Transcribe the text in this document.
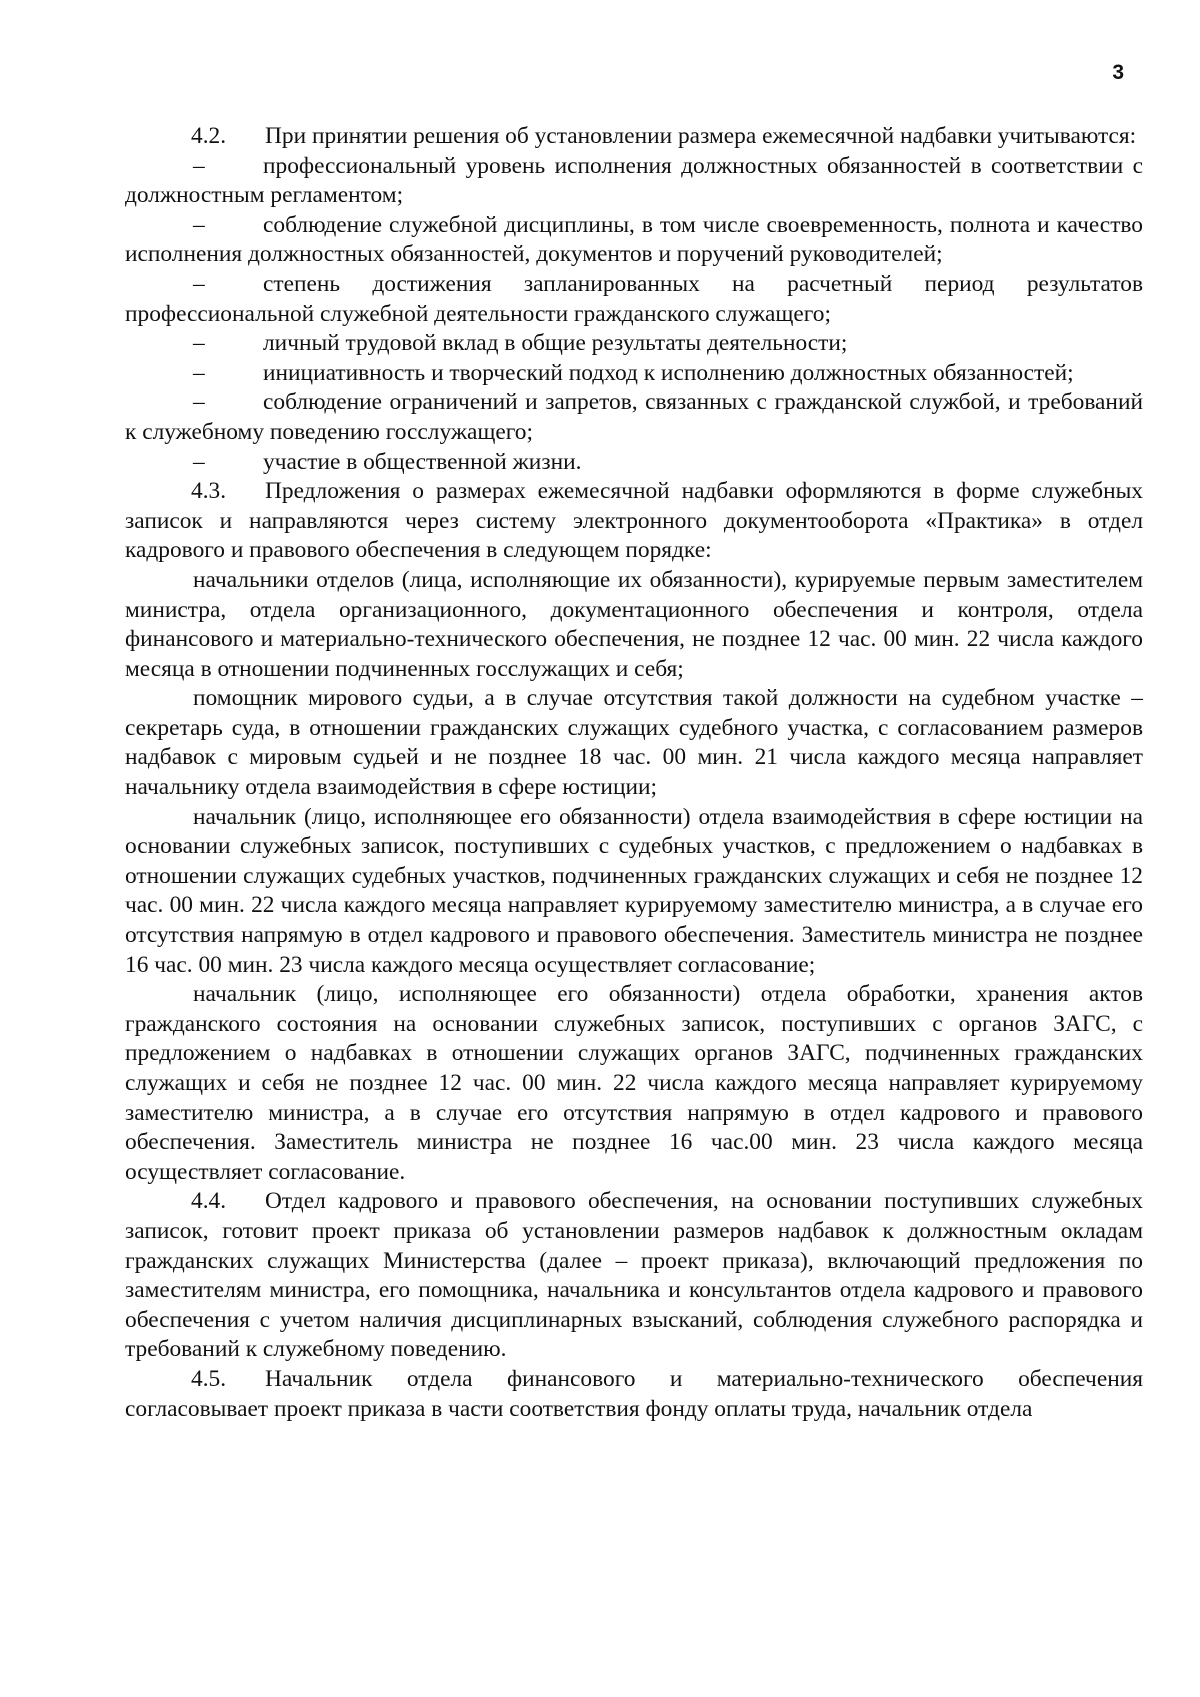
3

4.2. При принятии решения об установлении размера ежемесячной надбавки учитываются:

– профессиональный уровень исполнения должностных обязанностей в соответствии с должностным регламентом;

– соблюдение служебной дисциплины, в том числе своевременность, полнота и качество исполнения должностных обязанностей, документов и поручений руководителей;

– степень достижения запланированных на расчетный период результатов профессиональной служебной деятельности гражданского служащего;

– личный трудовой вклад в общие результаты деятельности;

– инициативность и творческий подход к исполнению должностных обязанностей;

– соблюдение ограничений и запретов, связанных с гражданской службой, и требований к служебному поведению госслужащего;

– участие в общественной жизни.

4.3. Предложения о размерах ежемесячной надбавки оформляются в форме служебных записок и направляются через систему электронного документооборота «Практика» в отдел кадрового и правового обеспечения в следующем порядке:

начальники отделов (лица, исполняющие их обязанности), курируемые первым заместителем министра, отдела организационного, документационного обеспечения и контроля, отдела финансового и материально-технического обеспечения, не позднее 12 час. 00 мин. 22 числа каждого месяца в отношении подчиненных госслужащих и себя;

помощник мирового судьи, а в случае отсутствия такой должности на судебном участке – секретарь суда, в отношении гражданских служащих судебного участка, с согласованием размеров надбавок с мировым судьей и не позднее 18 час. 00 мин. 21 числа каждого месяца направляет начальнику отдела взаимодействия в сфере юстиции;

начальник (лицо, исполняющее его обязанности) отдела взаимодействия в сфере юстиции на основании служебных записок, поступивших с судебных участков, с предложением о надбавках в отношении служащих судебных участков, подчиненных гражданских служащих и себя не позднее 12 час. 00 мин. 22 числа каждого месяца направляет курируемому заместителю министра, а в случае его отсутствия напрямую в отдел кадрового и правового обеспечения. Заместитель министра не позднее 16 час. 00 мин. 23 числа каждого месяца осуществляет согласование;

начальник (лицо, исполняющее его обязанности) отдела обработки, хранения актов гражданского состояния на основании служебных записок, поступивших с органов ЗАГС, с предложением о надбавках в отношении служащих органов ЗАГС, подчиненных гражданских служащих и себя не позднее 12 час. 00 мин. 22 числа каждого месяца направляет курируемому заместителю министра, а в случае его отсутствия напрямую в отдел кадрового и правового обеспечения. Заместитель министра не позднее 16 час.00 мин. 23 числа каждого месяца осуществляет согласование.

4.4. Отдел кадрового и правового обеспечения, на основании поступивших служебных записок, готовит проект приказа об установлении размеров надбавок к должностным окладам гражданских служащих Министерства (далее – проект приказа), включающий предложения по заместителям министра, его помощника, начальника и консультантов отдела кадрового и правового обеспечения с учетом наличия дисциплинарных взысканий, соблюдения служебного распорядка и требований к служебному поведению.

4.5. Начальник отдела финансового и материально-технического обеспечения согласовывает проект приказа в части соответствия фонду оплаты труда, начальник отдела
